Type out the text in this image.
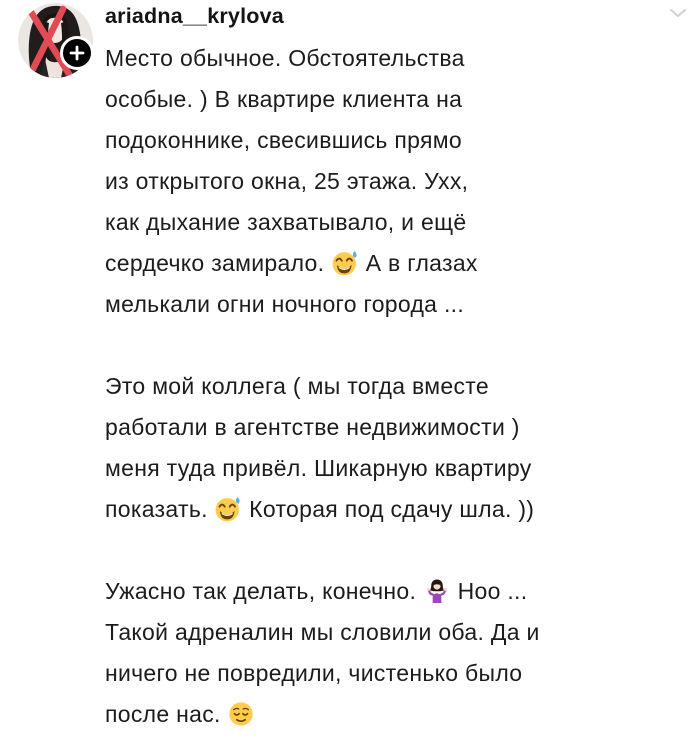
ariadna__krylova
Место обычное. Обстоятельства
особые. ) В квартире клиента на
подоконнике, свесившись прямо
из открытого окна, 25 этажа. Ухх,
как дыхание захватывало, и ещё
сердечко замирало.  А в глазах
мелькали огни ночного города ...
Это мой коллега ( мы тогда вместе
работали в агентстве недвижимости )
меня туда привёл. Шикарную квартиру
показать.  Которая под сдачу шла. ))
Ужасно так делать, конечно.  Ноо ...
Такой адреналин мы словили оба. Да и
ничего не повредили, чистенько было
после нас.
